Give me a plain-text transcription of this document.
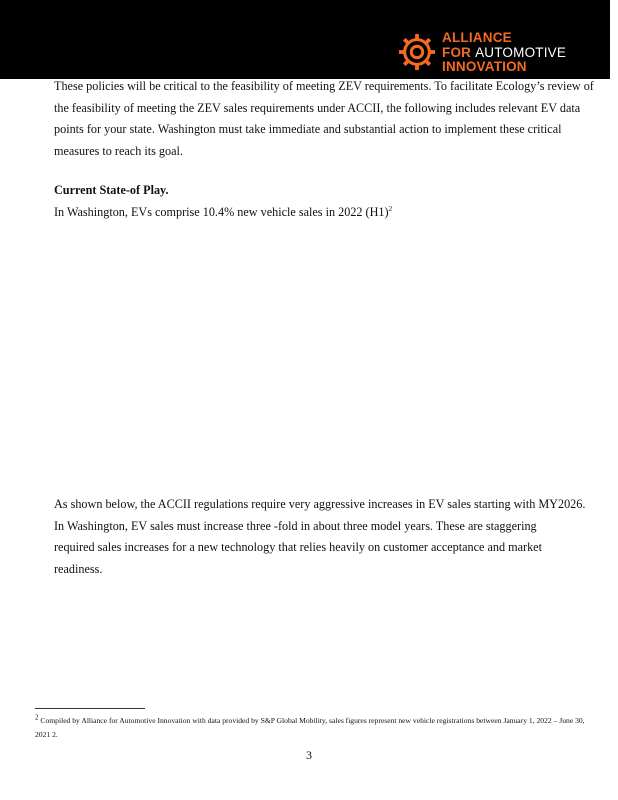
ALLIANCE
FOR AUTOMOTIVE
INNOVATION
These policies will be critical to the feasibility of meeting ZEV requirements. To facilitate Ecology’s review of
the feasibility of meeting the ZEV sales requirements under ACCII, the following includes relevant EV data
points for your state. Washington must take immediate and substantial action to implement these critical
measures to reach its goal.
Current State-of Play.
In Washington, EVs comprise 10.4% new vehicle sales in 2022 $(H1)^2$
As shown below, the ACCII regulations require very aggressive increases in EV sales starting with MY2026.
In Washington, EV sales must increase three -fold in about three model years. These are staggering
required sales increases for a new technology that relies heavily on customer acceptance and market
readiness.
$^2$ Compiled by Alliance for Automotive Innovation with data provided by S&P Global Mobility, sales figures represent new vehicle registrations between January 1, 2022 – June 30, 2021 2.
3
